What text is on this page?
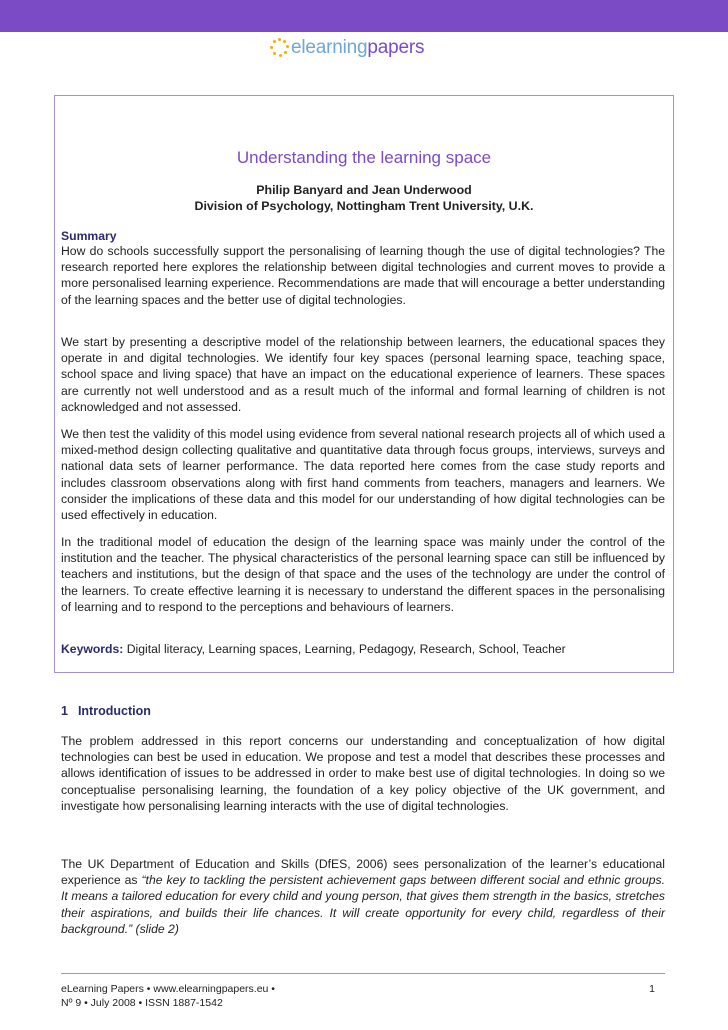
elearningpapers
Understanding the learning space
Philip Banyard and Jean Underwood
Division of Psychology, Nottingham Trent University, U.K.
Summary
How do schools successfully support the personalising of learning though the use of digital technologies? The research reported here explores the relationship between digital technologies and current moves to provide a more personalised learning experience. Recommendations are made that will encourage a better understanding of the learning spaces and the better use of digital technologies.
We start by presenting a descriptive model of the relationship between learners, the educational spaces they operate in and digital technologies. We identify four key spaces (personal learning space, teaching space, school space and living space) that have an impact on the educational experience of learners. These spaces are currently not well understood and as a result much of the informal and formal learning of children is not acknowledged and not assessed.
We then test the validity of this model using evidence from several national research projects all of which used a mixed-method design collecting qualitative and quantitative data through focus groups, interviews, surveys and national data sets of learner performance. The data reported here comes from the case study reports and includes classroom observations along with first hand comments from teachers, managers and learners. We consider the implications of these data and this model for our understanding of how digital technologies can be used effectively in education.
In the traditional model of education the design of the learning space was mainly under the control of the institution and the teacher. The physical characteristics of the personal learning space can still be influenced by teachers and institutions, but the design of that space and the uses of the technology are under the control of the learners. To create effective learning it is necessary to understand the different spaces in the personalising of learning and to respond to the perceptions and behaviours of learners.
Keywords: Digital literacy, Learning spaces, Learning, Pedagogy, Research, School, Teacher
1 Introduction
The problem addressed in this report concerns our understanding and conceptualization of how digital technologies can best be used in education. We propose and test a model that describes these processes and allows identification of issues to be addressed in order to make best use of digital technologies. In doing so we conceptualise personalising learning, the foundation of a key policy objective of the UK government, and investigate how personalising learning interacts with the use of digital technologies.
The UK Department of Education and Skills (DfES, 2006) sees personalization of the learner’s educational experience as “the key to tackling the persistent achievement gaps between different social and ethnic groups. It means a tailored education for every child and young person, that gives them strength in the basics, stretches their aspirations, and builds their life chances. It will create opportunity for every child, regardless of their background.” (slide 2)
eLearning Papers • www.elearningpapers.eu •
Nº 9 • July 2008 • ISSN 1887-1542
1
